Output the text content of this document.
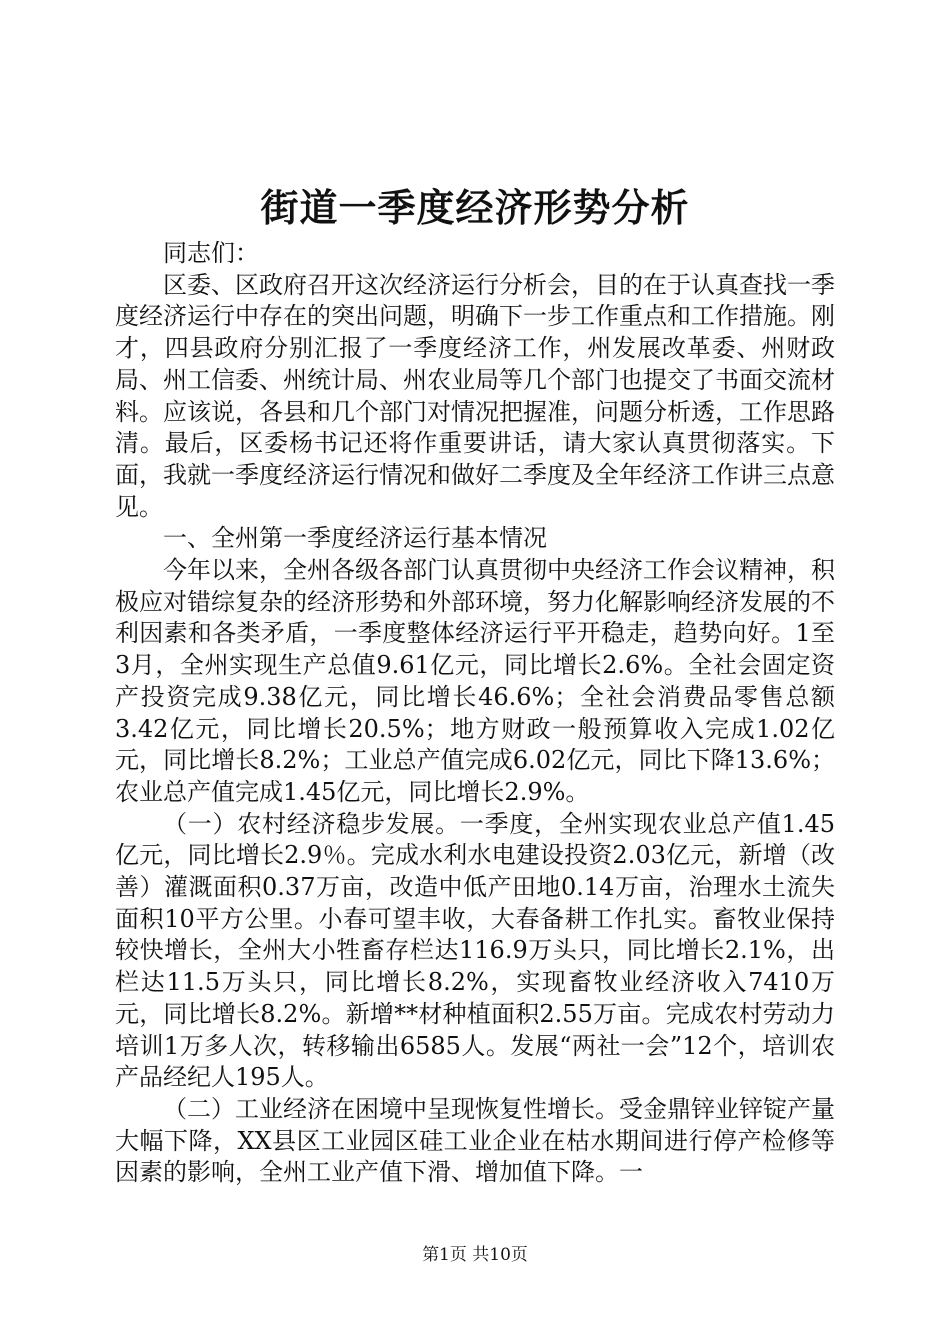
街道一季度经济形势分析

同志们：

区委、区政府召开这次经济运行分析会，目的在于认真查找一季度经济运行中存在的突出问题，明确下一步工作重点和工作措施。刚才，四县政府分别汇报了一季度经济工作，州发展改革委、州财政局、州工信委、州统计局、州农业局等几个部门也提交了书面交流材料。应该说，各县和几个部门对情况把握准，问题分析透，工作思路清。最后，区委杨书记还将作重要讲话，请大家认真贯彻落实。下面，我就一季度经济运行情况和做好二季度及全年经济工作讲三点意见。

一、全州第一季度经济运行基本情况

今年以来，全州各级各部门认真贯彻中央经济工作会议精神，积极应对错综复杂的经济形势和外部环境，努力化解影响经济发展的不利因素和各类矛盾，一季度整体经济运行平开稳走，趋势向好。1至3月，全州实现生产总值9.61亿元，同比增长2.6%。全社会固定资产投资完成9.38亿元，同比增长46.6%；全社会消费品零售总额3.42亿元，同比增长20.5%；地方财政一般预算收入完成1.02亿元，同比增长8.2%；工业总产值完成6.02亿元，同比下降13.6%；农业总产值完成1.45亿元，同比增长2.9%。

（一）农村经济稳步发展。一季度，全州实现农业总产值1.45亿元，同比增长2.9％。完成水利水电建设投资2.03亿元，新增（改善）灌溉面积0.37万亩，改造中低产田地0.14万亩，治理水土流失面积10平方公里。小春可望丰收，大春备耕工作扎实。畜牧业保持较快增长，全州大小牲畜存栏达116.9万头只，同比增长2.1%，出栏达11.5万头只，同比增长8.2%，实现畜牧业经济收入7410万元，同比增长8.2%。新增**材种植面积2.55万亩。完成农村劳动力培训1万多人次，转移输出6585人。发展“两社一会”12个，培训农产品经纪人195人。

（二）工业经济在困境中呈现恢复性增长。受金鼎锌业锌锭产量大幅下降，XX县区工业园区硅工业企业在枯水期间进行停产检修等因素的影响，全州工业产值下滑、增加值下降。一

第1页 共10页
